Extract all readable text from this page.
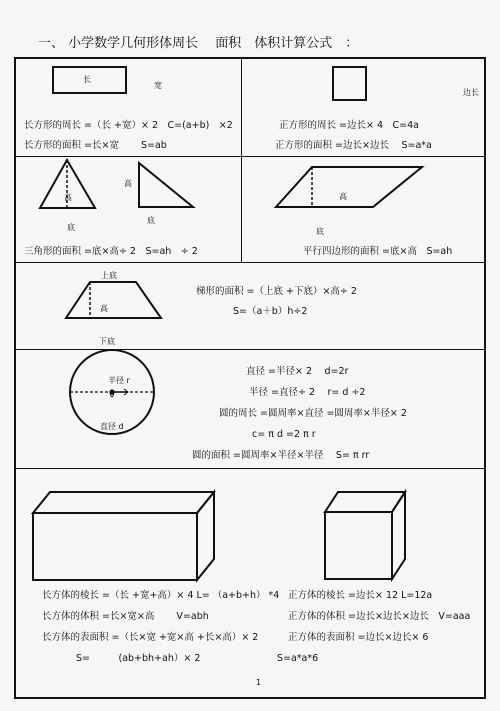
一、 小学数学几何形体周长　 面积　体积计算公式　：
长
宽
长方形的周长 =（长 +宽）× 2　C=(a+b)　×2
长方形的面积 =长×宽　　 S=ab
边长
正方形的周长 =边长× 4　C=4a
正方形的面积 =边长×边长　 S=a*a
高
高
底
底
三角形的面积 =底×高÷ 2　S=ah　÷ 2
高
底
平行四边形的面积 =底×高　S=ah
上底
高
下底
梯形的面积 =（上底 +下底）×高÷ 2
S=（a＋b）h÷2
半径 r
直径 d
直径 =半径× 2　 d=2r
半径 =直径÷ 2　 r= d ÷2
圆的周长 =圆周率×直径 =圆周率×半径× 2
c= π d =2 π r
圆的面积 =圆周率×半径×半径　 S= π rr
长方体的棱长 =（长 +宽+高）× 4 L= （a+b+h） *4
长方体的体积 =长×宽×高　　 V=abh
长方体的表面积 =（长×宽 +宽×高 +长×高）× 2
S=　　　(ab+bh+ah）× 2
正方体的棱长 =边长× 12 L=12a
正方体的体积 =边长×边长×边长　V=aaa
正方体的表面积 =边长×边长× 6
S=a*a*6
1
